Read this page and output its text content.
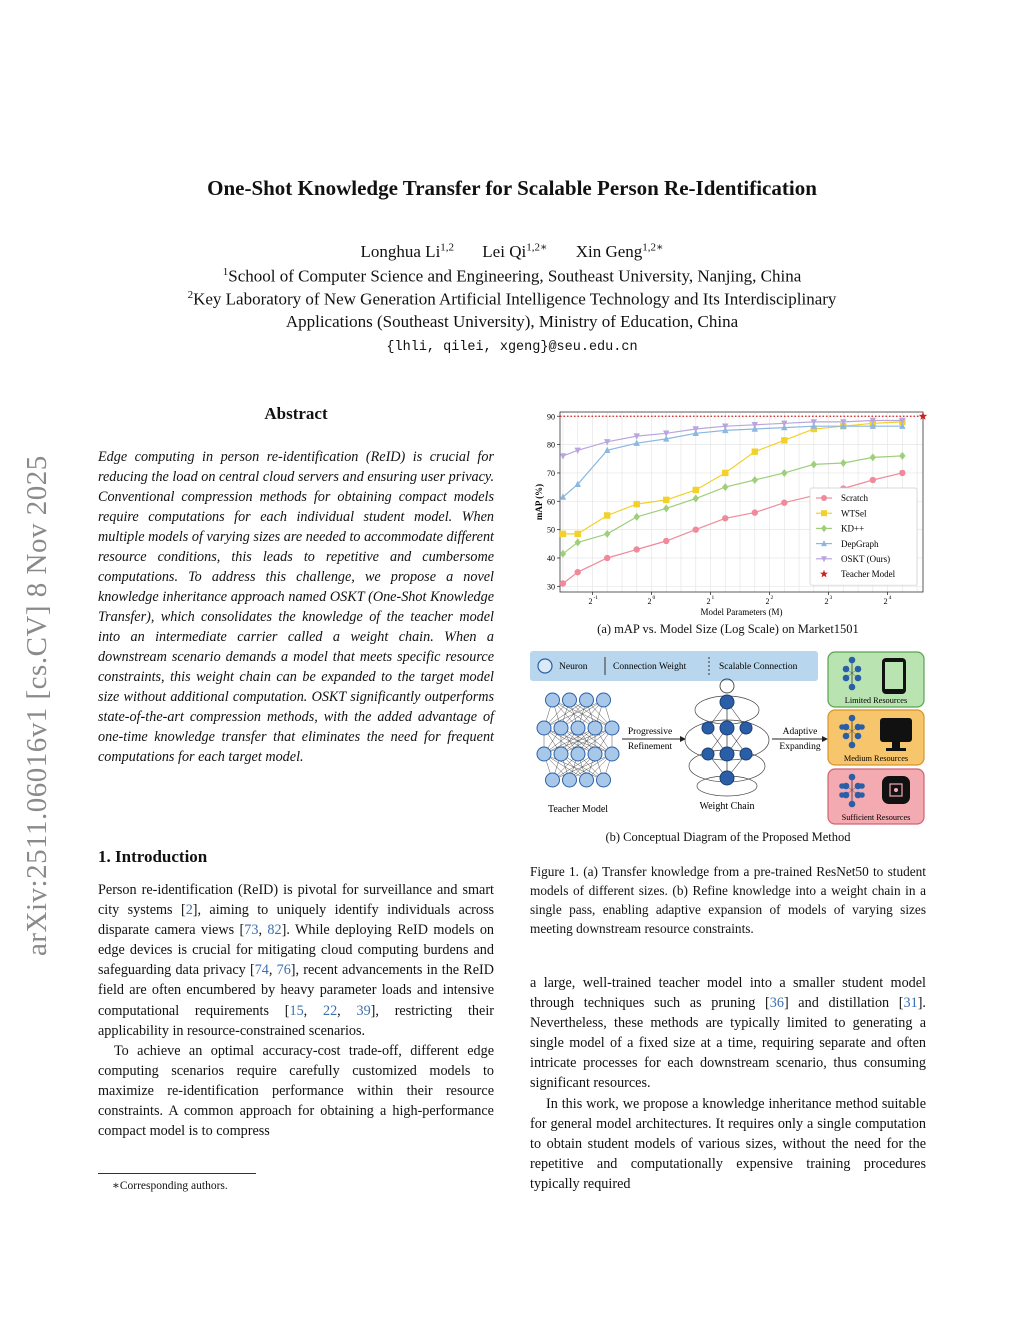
One-Shot Knowledge Transfer for Scalable Person Re-Identification
Longhua Li$^{1,2}$ Lei $Qi^{1,2∗}$ Xin Geng$^{1,2∗}$
$^1$School of Computer Science and Engineering, Southeast University, Nanjing, China
$^2$Key Laboratory of New Generation Artificial Intelligence Technology and Its Interdisciplinary
Applications (Southeast University), Ministry of Education, China
{lhli, qilei, xgeng}@seu.edu.cn
arXiv:2511.06016v1 [cs.CV] 8 Nov 2025
Abstract
Edge computing in person re-identification (ReID) is crucial for reducing the load on central cloud servers and ensuring user privacy. Conventional compression methods for obtaining compact models require computations for each individual student model. When multiple models of varying sizes are needed to accommodate different resource conditions, this leads to repetitive and cumbersome computations. To address this challenge, we propose a novel knowledge inheritance approach named OSKT (One-Shot Knowledge Transfer), which consolidates the knowledge of the teacher model into an intermediate carrier called a weight chain. When a downstream scenario demands a model that meets specific resource constraints, this weight chain can be expanded to the target model size without additional computation. OSKT significantly outperforms state-of-the-art compression methods, with the added advantage of one-time knowledge transfer that eliminates the need for frequent computations for each target model.
1. Introduction

Person re-identification (ReID) is pivotal for surveillance and smart city systems [2], aiming to uniquely identify individuals across disparate camera views [73, 82]. While deploying ReID models on edge devices is crucial for mitigating cloud computing burdens and safeguarding data privacy [74, 76], recent advancements in the ReID field are often encumbered by heavy parameter loads and intensive computational requirements [15, 22, 39], restricting their applicability in resource-constrained scenarios.

To achieve an optimal accuracy-cost trade-off, different edge computing scenarios require carefully customized models to maximize re-identification performance within their resource constraints. A common approach for obtaining a high-performance compact model is to compress

∗Corresponding authors.
30
40
50
60
70
80
90
2 -1	2 0	2 1	2 2	2 3	2 4
Model Parameters (M)
mAP (%)	Scratch
WTSel
KD++
DepGraph
OSKT (Ours)
Teacher Model
(a) mAP vs. Model Size (Log Scale) on Market1501
Neuron	Connection Weight	Scalable Connection
Teacher Model
Progressive
Refinement
Weight Chain
Adaptive
Expanding
Limited Resources
Medium Resources
Sufficient Resources
(b) Conceptual Diagram of the Proposed Method
Figure 1. (a) Transfer knowledge from a pre-trained ResNet50 to student models of different sizes. (b) Refine knowledge into a weight chain in a single pass, enabling adaptive expansion of models of varying sizes meeting downstream resource constraints.

a large, well-trained teacher model into a smaller student model through techniques such as pruning [36] and distillation [31]. Nevertheless, these methods are typically limited to generating a single model of a fixed size at a time, requiring separate and often intricate processes for each downstream scenario, thus consuming significant resources.

In this work, we propose a knowledge inheritance method suitable for general model architectures. It requires only a single computation to obtain student models of various sizes, without the need for the repetitive and computationally expensive training procedures typically required
